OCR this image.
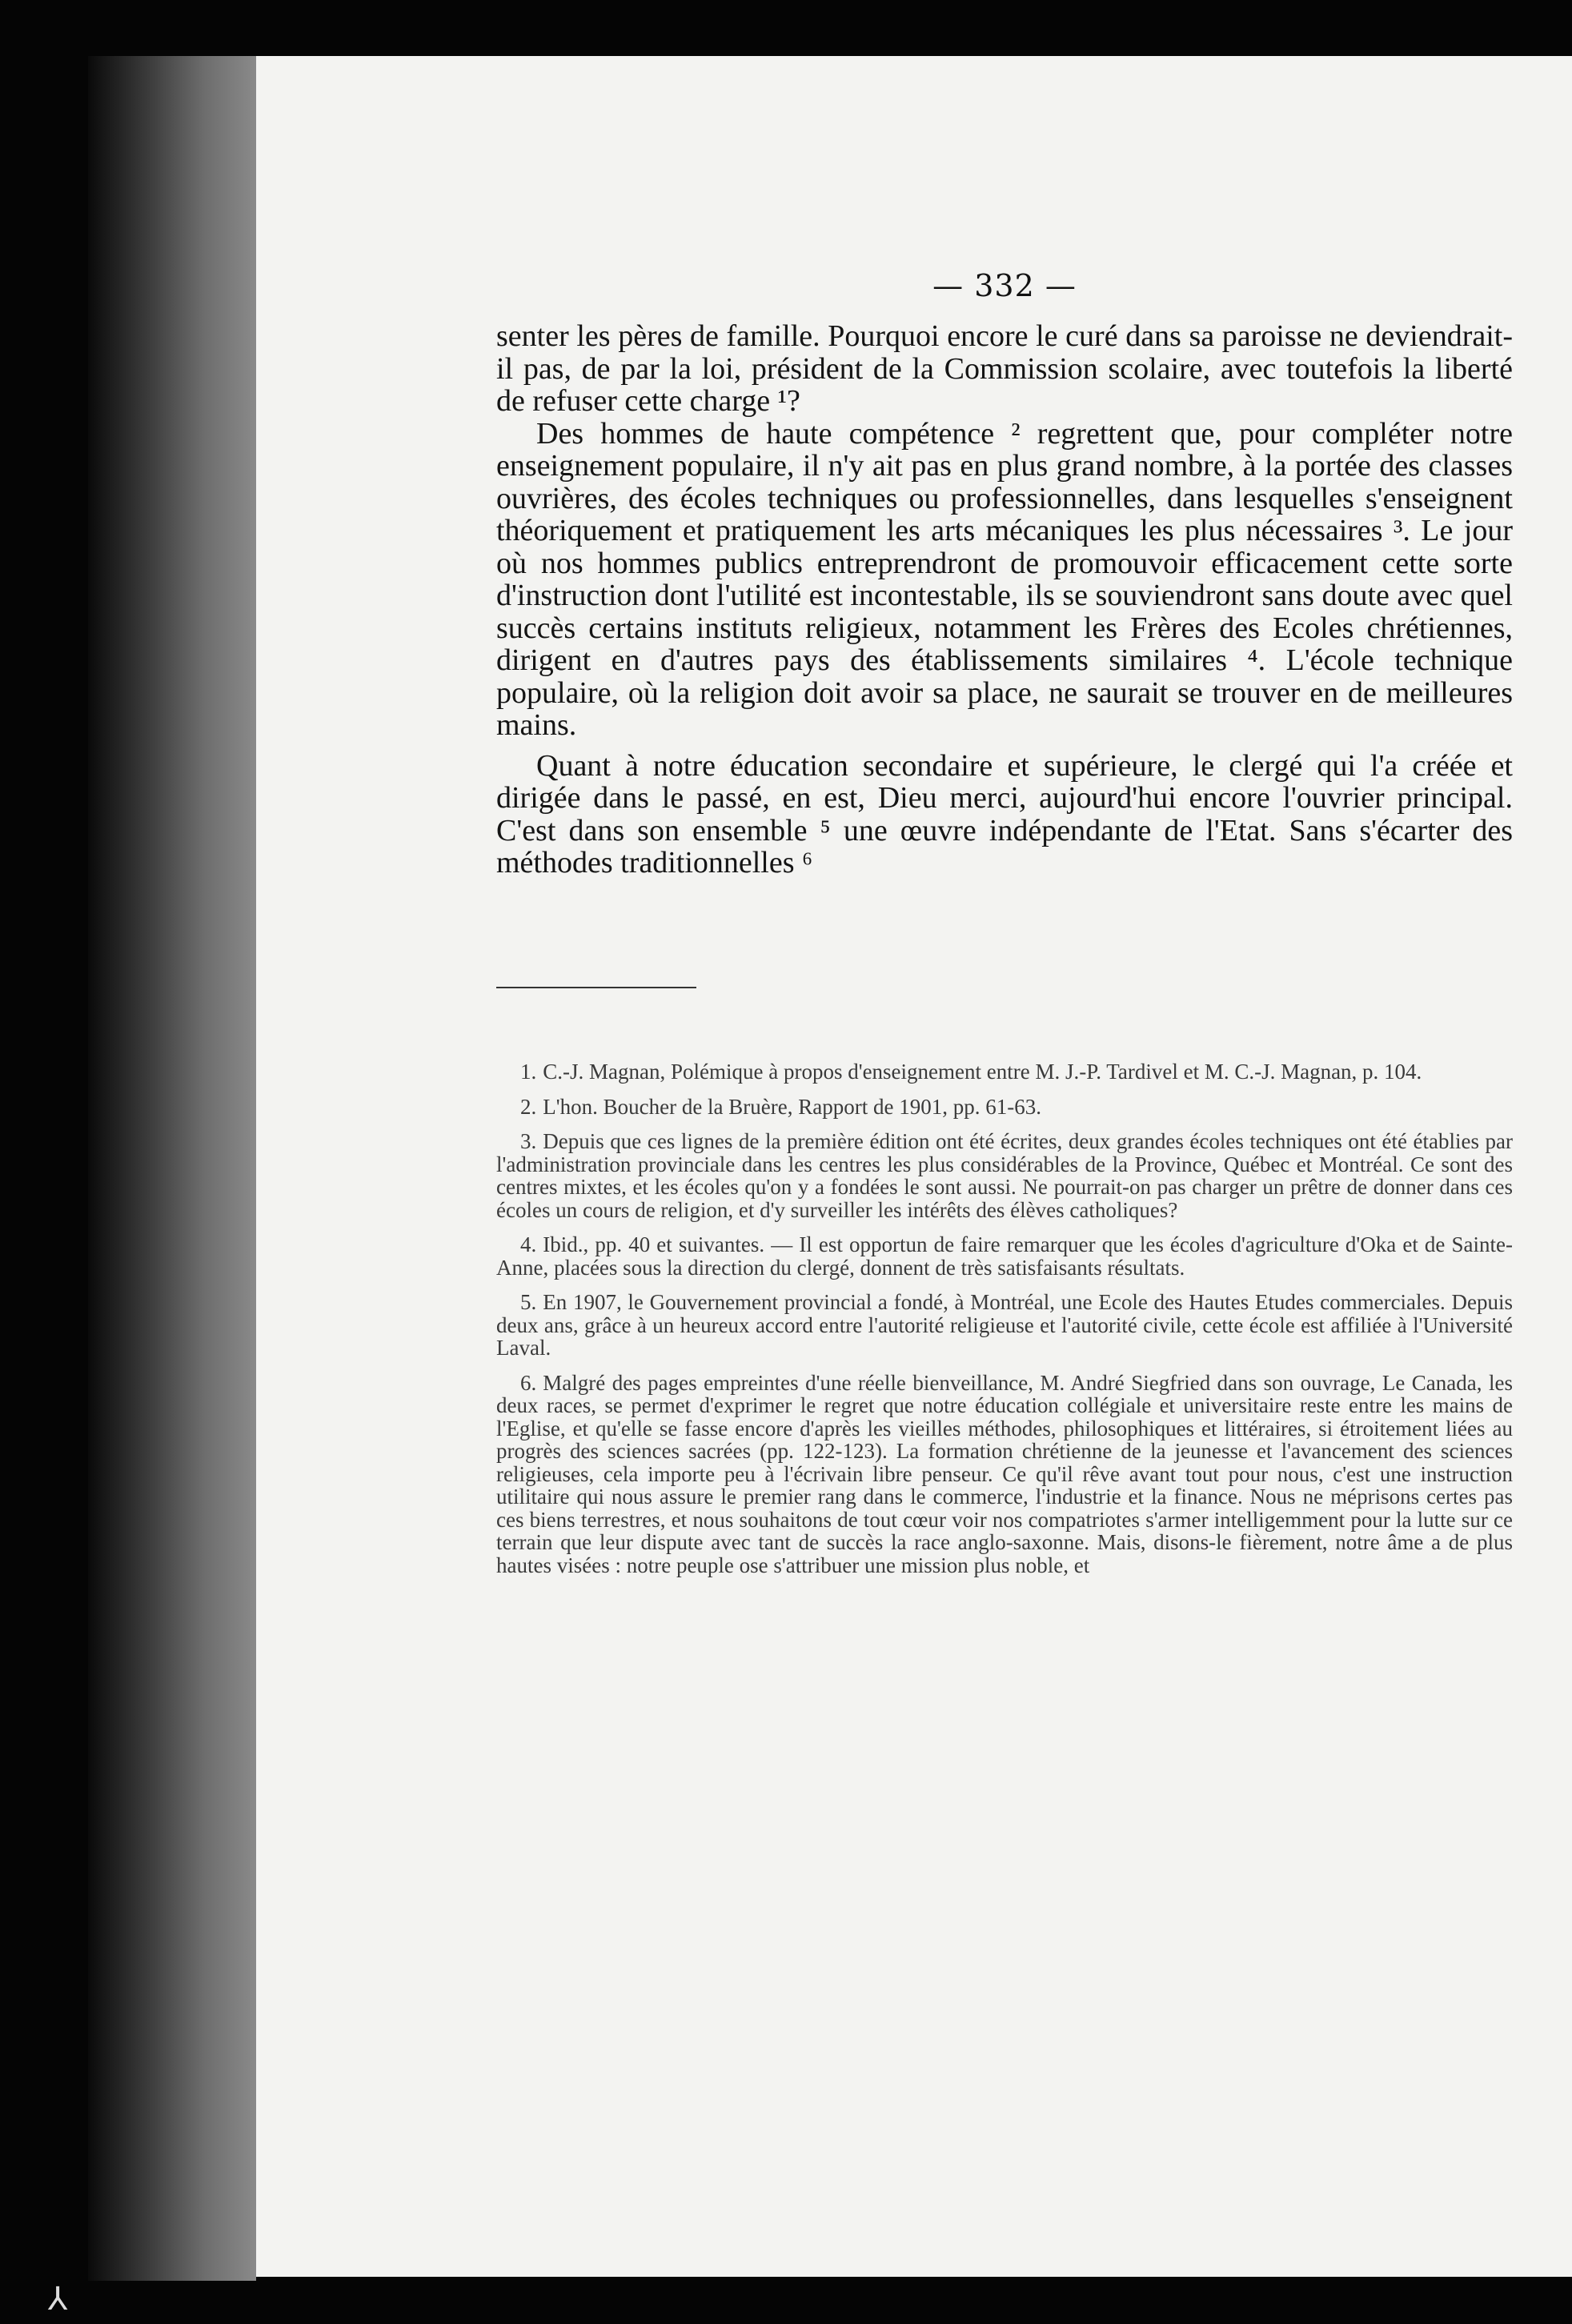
— 332 —

senter les pères de famille. Pourquoi encore le curé dans sa paroisse ne deviendrait-il pas, de par la loi, président de la Commission scolaire, avec toutefois la liberté de refuser cette charge ¹?

Des hommes de haute compétence ² regrettent que, pour compléter notre enseignement populaire, il n'y ait pas en plus grand nombre, à la portée des classes ouvrières, des écoles techniques ou professionnelles, dans lesquelles s'enseignent théoriquement et pratiquement les arts mécaniques les plus nécessaires ³. Le jour où nos hommes publics entreprendront de promouvoir efficacement cette sorte d'instruction dont l'utilité est incontestable, ils se souviendront sans doute avec quel succès certains instituts religieux, notamment les Frères des Ecoles chrétiennes, dirigent en d'autres pays des établissements similaires ⁴. L'école technique populaire, où la religion doit avoir sa place, ne saurait se trouver en de meilleures mains.

Quant à notre éducation secondaire et supérieure, le clergé qui l'a créée et dirigée dans le passé, en est, Dieu merci, aujourd'hui encore l'ouvrier principal. C'est dans son ensemble ⁵ une œuvre indépendante de l'Etat. Sans s'écarter des méthodes traditionnelles ⁶

1. C.-J. Magnan, Polémique à propos d'enseignement entre M. J.-P. Tardivel et M. C.-J. Magnan, p. 104.

2. L'hon. Boucher de la Bruère, Rapport de 1901, pp. 61-63.

3. Depuis que ces lignes de la première édition ont été écrites, deux grandes écoles techniques ont été établies par l'administration provinciale dans les centres les plus considérables de la Province, Québec et Montréal. Ce sont des centres mixtes, et les écoles qu'on y a fondées le sont aussi. Ne pourrait-on pas charger un prêtre de donner dans ces écoles un cours de religion, et d'y surveiller les intérêts des élèves catholiques?

4. Ibid., pp. 40 et suivantes. — Il est opportun de faire remarquer que les écoles d'agriculture d'Oka et de Sainte-Anne, placées sous la direction du clergé, donnent de très satisfaisants résultats.

5. En 1907, le Gouvernement provincial a fondé, à Montréal, une Ecole des Hautes Etudes commerciales. Depuis deux ans, grâce à un heureux accord entre l'autorité religieuse et l'autorité civile, cette école est affiliée à l'Université Laval.

6. Malgré des pages empreintes d'une réelle bienveillance, M. André Siegfried dans son ouvrage, Le Canada, les deux races, se permet d'exprimer le regret que notre éducation collégiale et universitaire reste entre les mains de l'Eglise, et qu'elle se fasse encore d'après les vieilles méthodes, philosophiques et littéraires, si étroitement liées au progrès des sciences sacrées (pp. 122-123). La formation chrétienne de la jeunesse et l'avancement des sciences religieuses, cela importe peu à l'écrivain libre penseur. Ce qu'il rêve avant tout pour nous, c'est une instruction utilitaire qui nous assure le premier rang dans le commerce, l'industrie et la finance. Nous ne méprisons certes pas ces biens terrestres, et nous souhaitons de tout cœur voir nos compatriotes s'armer intelligemment pour la lutte sur ce terrain que leur dispute avec tant de succès la race anglo-saxonne. Mais, disons-le fièrement, notre âme a de plus hautes visées : notre peuple ose s'attribuer une mission plus noble, et

⅄
